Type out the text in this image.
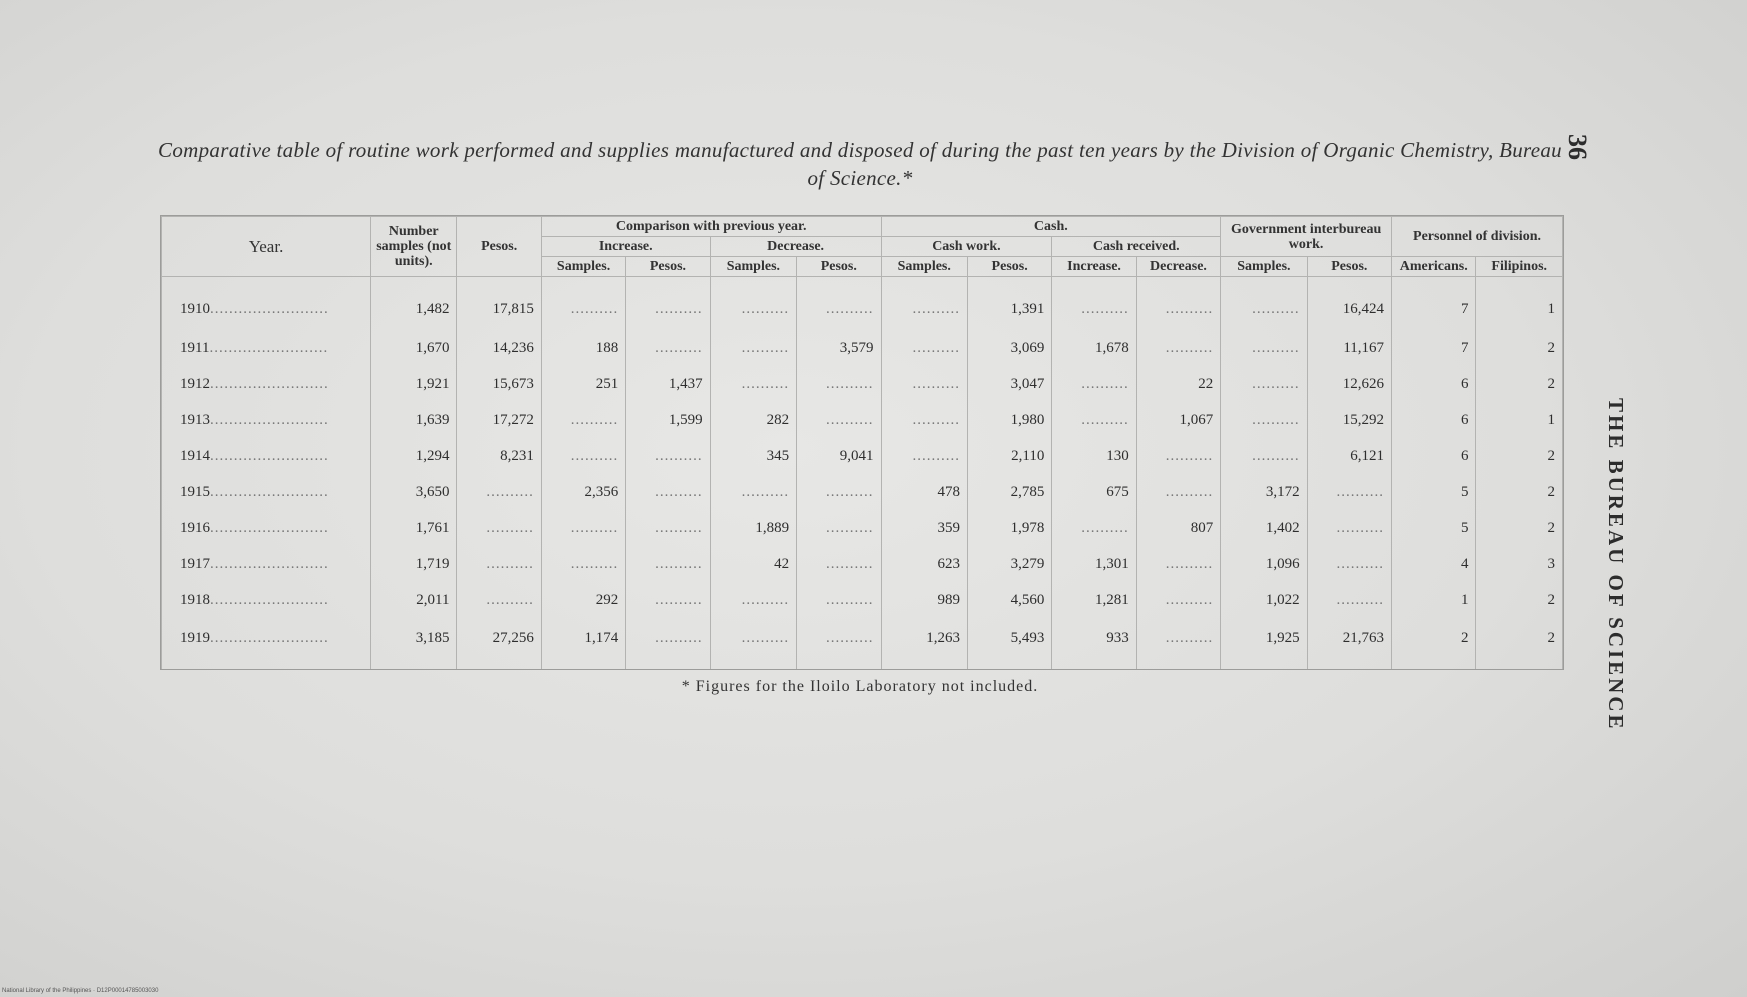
Comparative table of routine work performed and supplies manufactured and disposed of during the past ten years by the Division of Organic Chemistry, Bureau of Science.*
36
THE BUREAU OF SCIENCE
Year.	Number samples (not units).	Pesos.	Comparison with previous year.				Cash.				Government interbureau work.		Personnel of division.	
			Increase.		Decrease.		Cash work.		Cash received.					
			Samples.	Pesos.	Samples.	Pesos.	Samples.	Pesos.	Increase.	Decrease.	Samples.	Pesos.	Americans.	Filipinos.
1910.........................	1,482	17,815	..........	..........	..........	..........	..........	1,391	..........	..........	..........	16,424	7	1
1911.........................	1,670	14,236	188	..........	..........	3,579	..........	3,069	1,678	..........	..........	11,167	7	2
1912.........................	1,921	15,673	251	1,437	..........	..........	..........	3,047	..........	22	..........	12,626	6	2
1913.........................	1,639	17,272	..........	1,599	282	..........	..........	1,980	..........	1,067	..........	15,292	6	1
1914.........................	1,294	8,231	..........	..........	345	9,041	..........	2,110	130	..........	..........	6,121	6	2
1915.........................	3,650	..........	2,356	..........	..........	..........	478	2,785	675	..........	3,172	..........	5	2
1916.........................	1,761	..........	..........	..........	1,889	..........	359	1,978	..........	807	1,402	..........	5	2
1917.........................	1,719	..........	..........	..........	42	..........	623	3,279	1,301	..........	1,096	..........	4	3
1918.........................	2,011	..........	292	..........	..........	..........	989	4,560	1,281	..........	1,022	..........	1	2
1919.........................	3,185	27,256	1,174	..........	..........	..........	1,263	5,493	933	..........	1,925	21,763	2	2
* Figures for the Iloilo Laboratory not included.
National Library of the Philippines · D12P00014785003030
